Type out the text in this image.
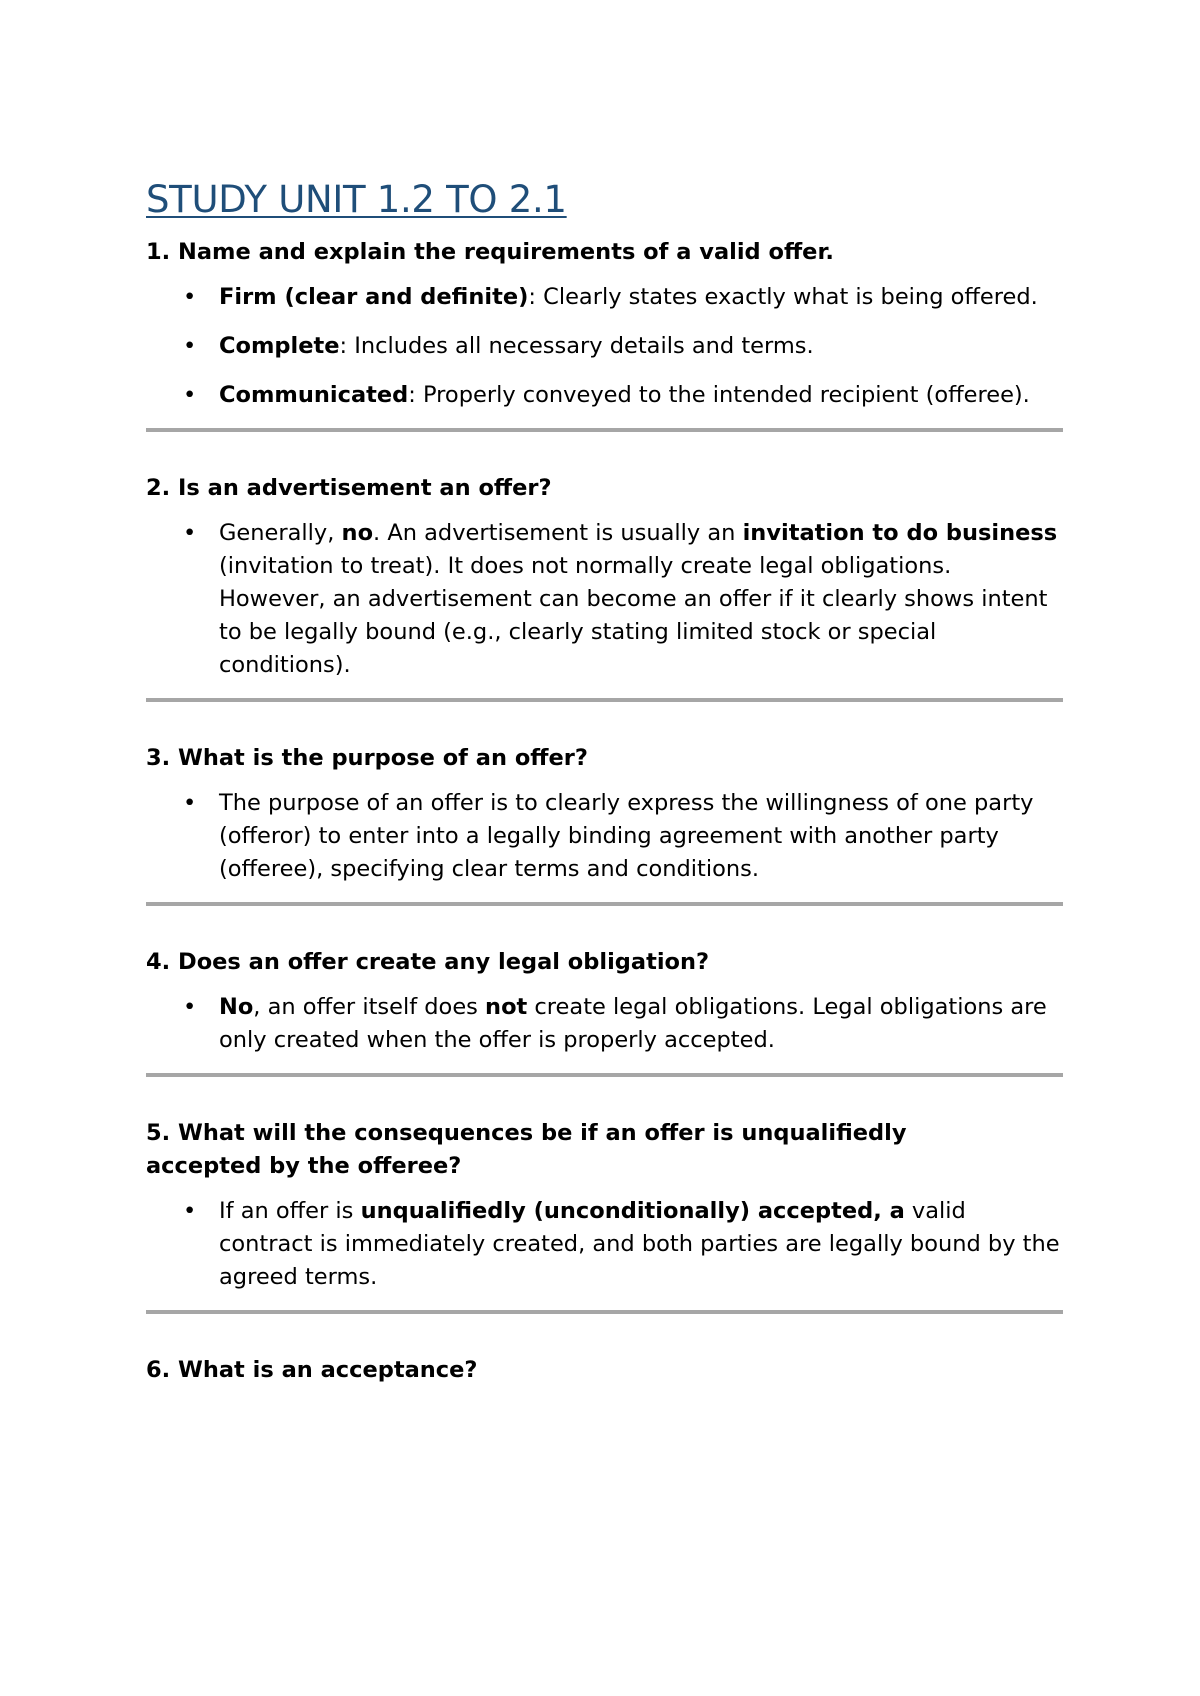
STUDY UNIT 1.2 TO 2.1

1. Name and explain the requirements of a valid offer.

• Firm (clear and definite): Clearly states exactly what is being offered.
• Complete: Includes all necessary details and terms.
• Communicated: Properly conveyed to the intended recipient (offeree).

2. Is an advertisement an offer?

• Generally, no. An advertisement is usually an invitation to do business (invitation to treat). It does not normally create legal obligations. However, an advertisement can become an offer if it clearly shows intent to be legally bound (e.g., clearly stating limited stock or special conditions).

3. What is the purpose of an offer?

• The purpose of an offer is to clearly express the willingness of one party (offeror) to enter into a legally binding agreement with another party (offeree), specifying clear terms and conditions.

4. Does an offer create any legal obligation?

• No, an offer itself does not create legal obligations. Legal obligations are only created when the offer is properly accepted.

5. What will the consequences be if an offer is unqualifiedly accepted by the offeree?

• If an offer is unqualifiedly (unconditionally) accepted, a valid contract is immediately created, and both parties are legally bound by the agreed terms.

6. What is an acceptance?
